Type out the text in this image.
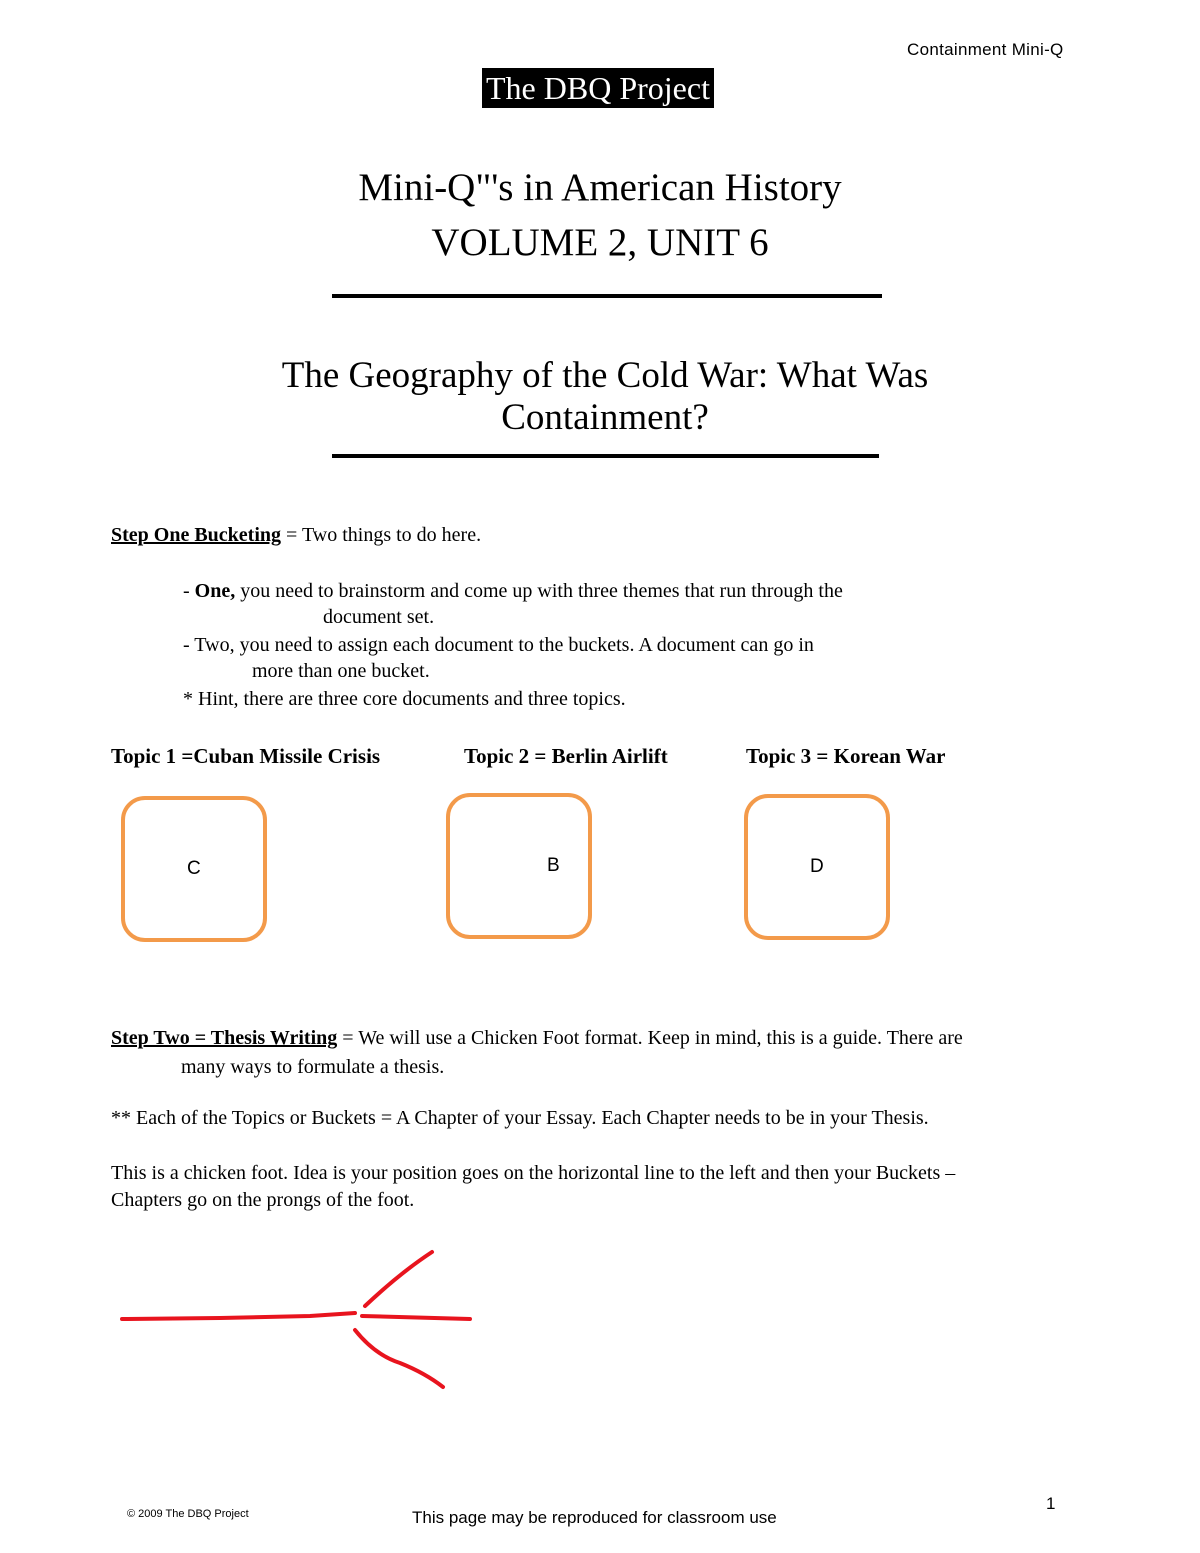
Containment Mini-Q
The DBQ Project
Mini-Q"'s in American History
VOLUME 2, UNIT 6
The Geography of the Cold War: What Was
Containment?
Step One Bucketing = Two things to do here.
- One, you need to brainstorm and come up with three themes that run through the
document set.
- Two, you need to assign each document to the buckets. A document can go in
more than one bucket.
* Hint, there are three core documents and three topics.
Topic 1 =Cuban Missile Crisis	Topic 2 = Berlin Airlift	Topic 3 = Korean War
C	B	D
Step Two = Thesis Writing = We will use a Chicken Foot format. Keep in mind, this is a guide. There are
many ways to formulate a thesis.
** Each of the Topics or Buckets = A Chapter of your Essay. Each Chapter needs to be in your Thesis.
This is a chicken foot. Idea is your position goes on the horizontal line to the left and then your Buckets –
Chapters go on the prongs of the foot.
© 2009 The DBQ Project	This page may be reproduced for classroom use
1
